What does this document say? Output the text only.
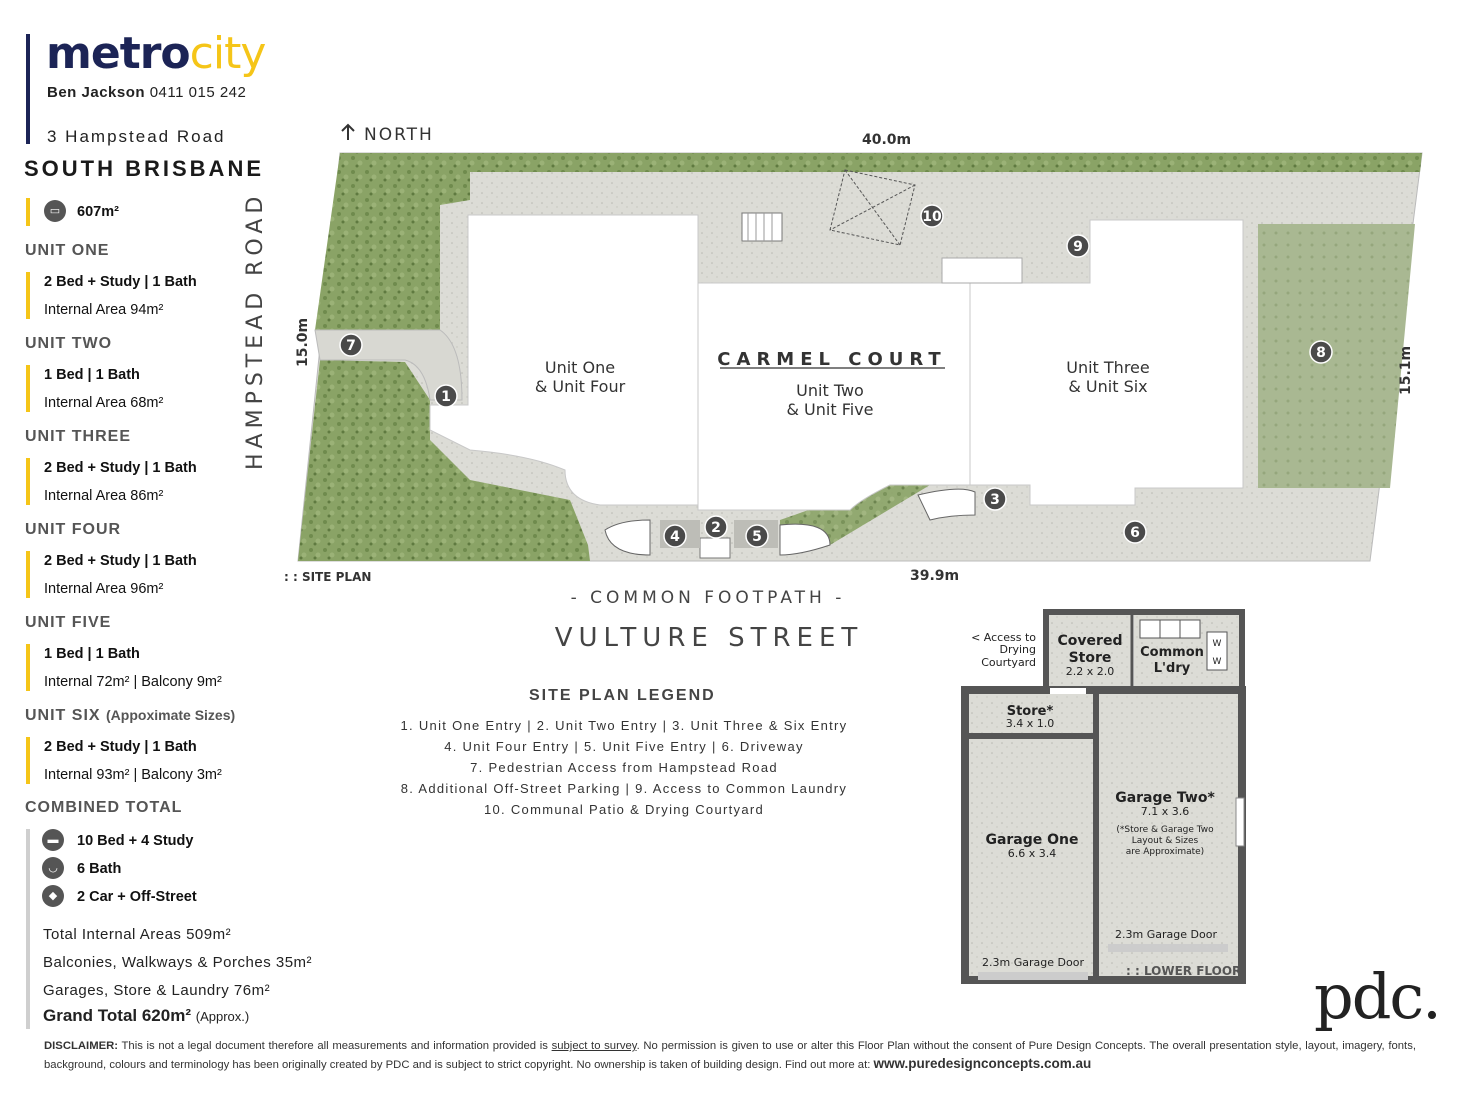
metrocity
Ben Jackson 0411 015 242
3 Hampstead Road
SOUTH BRISBANE
▭	607m²
UNIT ONE
2 Bed + Study | 1 Bath
Internal Area 94m²
UNIT TWO
1 Bed | 1 Bath
Internal Area 68m²
UNIT THREE
2 Bed + Study | 1 Bath
Internal Area 86m²
UNIT FOUR
2 Bed + Study | 1 Bath
Internal Area 96m²
UNIT FIVE
1 Bed | 1 Bath
Internal 72m² | Balcony 9m²
UNIT SIX (Appoximate Sizes)
2 Bed + Study | 1 Bath
Internal 93m² | Balcony 3m²
COMBINED TOTAL
▬	10 Bed + 4 Study
◡	6 Bath
◆	2 Car + Off-Street
Total Internal Areas 509m²
Balconies, Walkways & Porches 35m²
Garages, Store & Laundry 76m²
Grand Total 620m² (Approx.)
1
2
3
4	5	6
7	8
9
10
NORTH	40.0m
39.9m
15.0m
15.1m
HAMPSTEAD ROAD	CARMEL COURT
Unit One
& Unit Four	Unit Two
& Unit Five
Unit Three
& Unit Six
: : SITE PLAN
- COMMON FOOTPATH -
VULTURE STREET	< Access to
Drying
Courtyard
Covered
Store
2.2 x 2.0
Common
L'dry
W
W
Store*
3.4 x 1.0
Garage One
6.6 x 3.4
2.3m Garage Door
Garage Two*
7.1 x 3.6
(*Store & Garage Two
Layout & Sizes
are Approximate)
2.3m Garage Door
: : LOWER FLOOR
SITE PLAN LEGEND
1. Unit One Entry | 2. Unit Two Entry | 3. Unit Three & Six Entry
4. Unit Four Entry | 5. Unit Five Entry | 6. Driveway
7. Pedestrian Access from Hampstead Road
8. Additional Off-Street Parking | 9. Access to Common Laundry
10. Communal Patio & Drying Courtyard
pdc.
DISCLAIMER: This is not a legal document therefore all measurements and information provided is subject to survey. No permission is given to use or alter this Floor Plan without the consent of Pure Design Concepts. The overall presentation style, layout, imagery, fonts, background, colours and terminology has been originally created by PDC and is subject to strict copyright. No ownership is taken of building design. Find out more at: www.puredesignconcepts.com.au
